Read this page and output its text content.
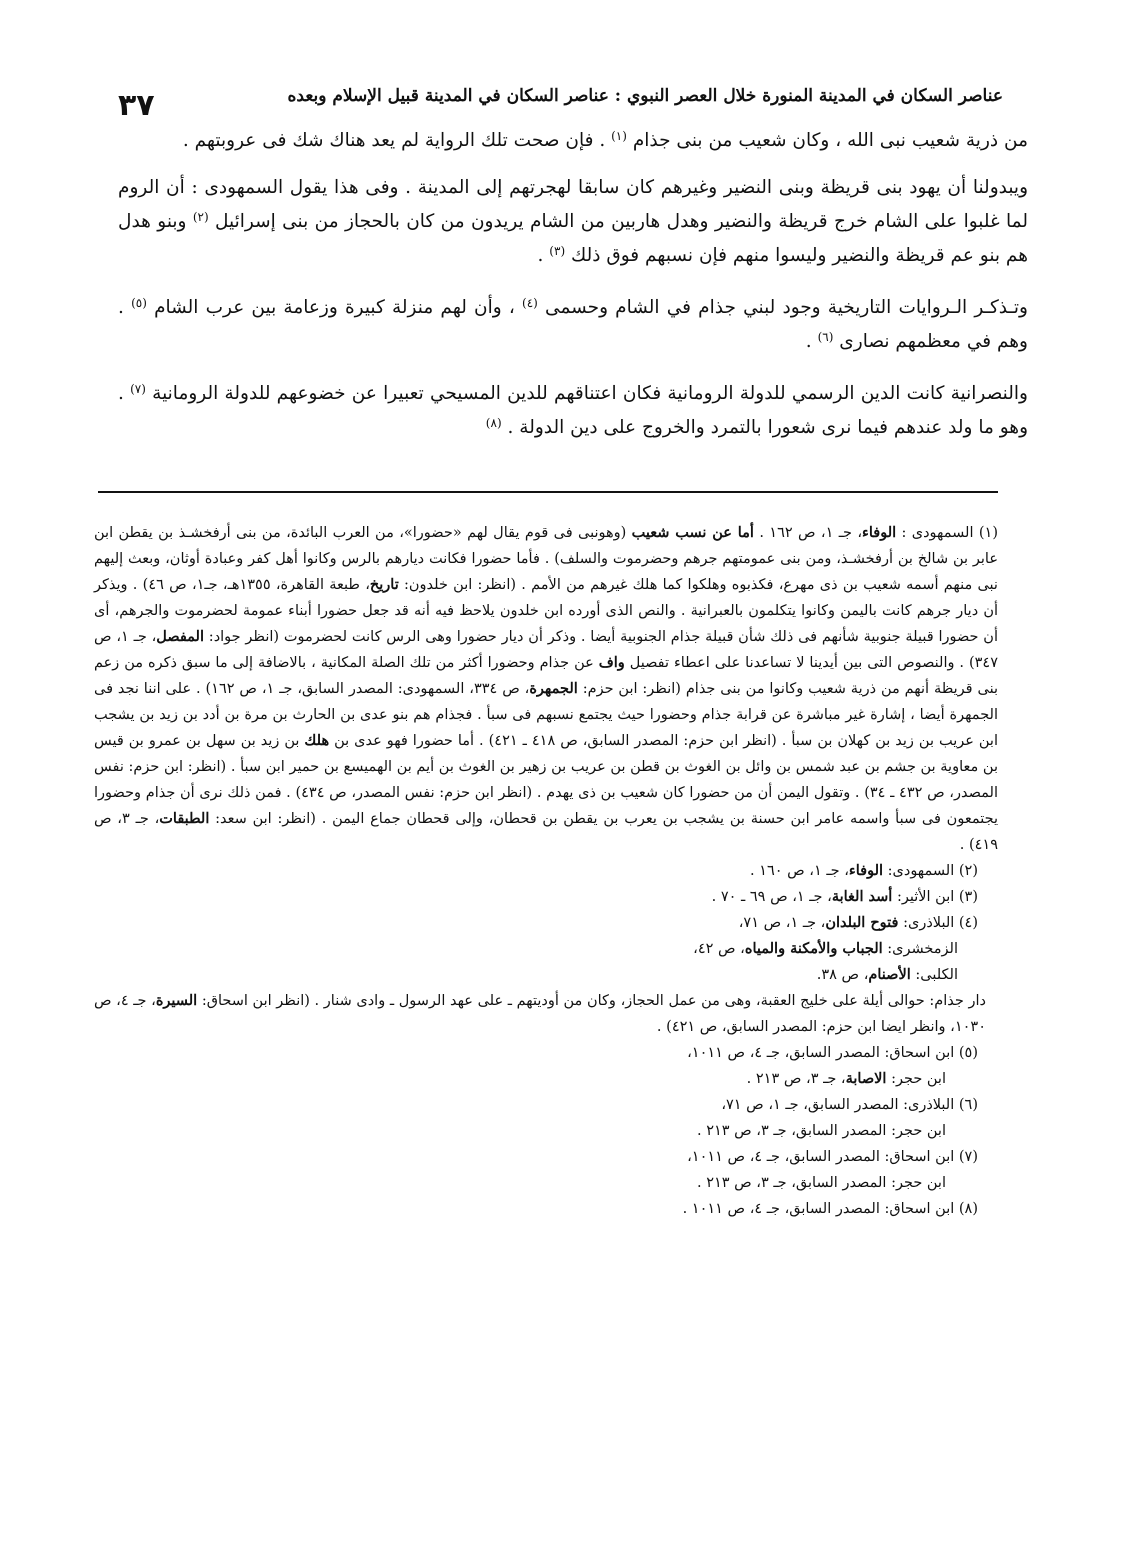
٣٧	عناصر السكان في المدينة المنورة خلال العصر النبوي : عناصر السكان في المدينة قبيل الإسلام وبعده

من ذرية شعيب نبى الله ، وكان شعيب من بنى جذام $^{(١)}$ . فإن صحت تلك الرواية لم يعد هناك شك فى عروبتهم .

ويبدولنا أن يهود بنى قريظة وبنى النضير وغيرهم كان سابقا لهجرتهم إلى المدينة . وفى هذا يقول السمهودى : أن الروم لما غلبوا على الشام خرج قريظة والنضير وهدل هاربين من الشام يريدون من كان بالحجاز من بنى إسرائيل $^{(٢)}$ وبنو هدل هم بنو عم قريظة والنضير وليسوا منهم فإن نسبهم فوق ذلك $^{(٣)}$ .

وتـذكـر الـروايات التاريخية وجود لبني جذام في الشام وحسمى $^{(٤)}$ ، وأن لهم منزلة كبيرة وزعامة بين عرب الشام $^{(٥)}$ . وهم في معظمهم نصارى $^{(٦)}$ .

والنصرانية كانت الدين الرسمي للدولة الرومانية فكان اعتناقهم للدين المسيحي تعبيرا عن خضوعهم للدولة الرومانية $^{(٧)}$ . وهو ما ولد عندهم فيما نرى شعورا بالتمرد والخروج على دين الدولة . $^{(٨)}$

(١) السمهودى : الوفاء، جـ ١، ص ١٦٢ . أما عن نسب شعيب (وهونبى فى قوم يقال لهم «حضورا»، من العرب البائدة، من بنى أرفخشـذ بن يقطن ابن عابر بن شالخ بن أرفخشـذ، ومن بنى عمومتهم جرهم وحضرموت والسلف) . فأما حضورا فكانت ديارهم بالرس وكانوا أهل كفر وعبادة أوثان، وبعث إليهم نبى منهم أسمه شعيب بن ذى مهرع، فكذبوه وهلكوا كما هلك غيرهم من الأمم . (انظر: ابن خلدون: تاريخ، طبعة القاهرة، ١٣٥٥هـ، جـ١، ص ٤٦) . ويذكر أن ديار جرهم كانت باليمن وكانوا يتكلمون بالعبرانية . والنص الذى أورده ابن خلدون يلاحظ فيه أنه قد جعل حضورا أبناء عمومة لحضرموت والجرهم، أى أن حضورا قبيلة جنوبية شأنهم فى ذلك شأن قبيلة جذام الجنوبية أيضا . وذكر أن ديار حضورا وهى الرس كانت لحضرموت (انظر جواد: المفصل، جـ ١، ص ٣٤٧) . والنصوص التى بين أيدينا لا تساعدنا على اعطاء تفصيل واف عن جذام وحضورا أكثر من تلك الصلة المكانية ، بالاضافة إلى ما سبق ذكره من زعم بنى قريظة أنهم من ذرية شعيب وكانوا من بنى جذام (انظر: ابن حزم: الجمهرة، ص ٣٣٤، السمهودى: المصدر السابق، جـ ١، ص ١٦٢) . على اننا نجد فى الجمهرة أيضا ، إشارة غير مباشرة عن قرابة جذام وحضورا حيث يجتمع نسبهم فى سبأ . فجذام هم بنو عدى بن الحارث بن مرة بن أدد بن زيد بن يشجب ابن عريب بن زيد بن كهلان بن سبأ . (انظر ابن حزم: المصدر السابق، ص ٤١٨ ـ ٤٢١) . أما حضورا فهو عدى بن هلك بن زيد بن سهل بن عمرو بن قيس بن معاوية بن جشم بن عبد شمس بن وائل بن الغوث بن قطن بن عريب بن زهير بن الغوث بن أيم بن الهميسع بن حمير ابن سبأ . (انظر: ابن حزم: نفس المصدر، ص ٤٣٢ ـ ٣٤) . وتقول اليمن أن من حضورا كان شعيب بن ذى يهدم . (انظر ابن حزم: نفس المصدر، ص ٤٣٤) . فمن ذلك نرى أن جذام وحضورا يجتمعون فى سبأ واسمه عامر ابن حسنة بن يشجب بن يعرب بن يقطن بن قحطان، وإلى قحطان جماع اليمن . (انظر: ابن سعد: الطبقات، جـ ٣، ص ٤١٩) .

(٢) السمهودى: الوفاء، جـ ١، ص ١٦٠ .

(٣) ابن الأثير: أسد الغابة، جـ ١، ص ٦٩ ـ ٧٠ .

(٤) البلاذرى: فتوح البلدان، جـ ١، ص ٧١،

الزمخشرى: الجباب والأمكنة والمياه، ص ٤٢،

الكلبى: الأصنام، ص ٣٨.

دار جذام: حوالى أيلة على خليج العقبة، وهى من عمل الحجاز، وكان من أوديتهم ـ على عهد الرسول ـ وادى شنار . (انظر ابن اسحاق: السيرة، جـ ٤، ص ١٠٣٠، وانظر ايضا ابن حزم: المصدر السابق، ص ٤٢١) .

(٥) ابن اسحاق: المصدر السابق، جـ ٤، ص ١٠١١،

ابن حجر: الاصابة، جـ ٣، ص ٢١٣ .

(٦) البلاذرى: المصدر السابق، جـ ١، ص ٧١،

ابن حجر: المصدر السابق، جـ ٣، ص ٢١٣ .

(٧) ابن اسحاق: المصدر السابق، جـ ٤، ص ١٠١١،

ابن حجر: المصدر السابق، جـ ٣، ص ٢١٣ .

(٨) ابن اسحاق: المصدر السابق، جـ ٤، ص ١٠١١ .
